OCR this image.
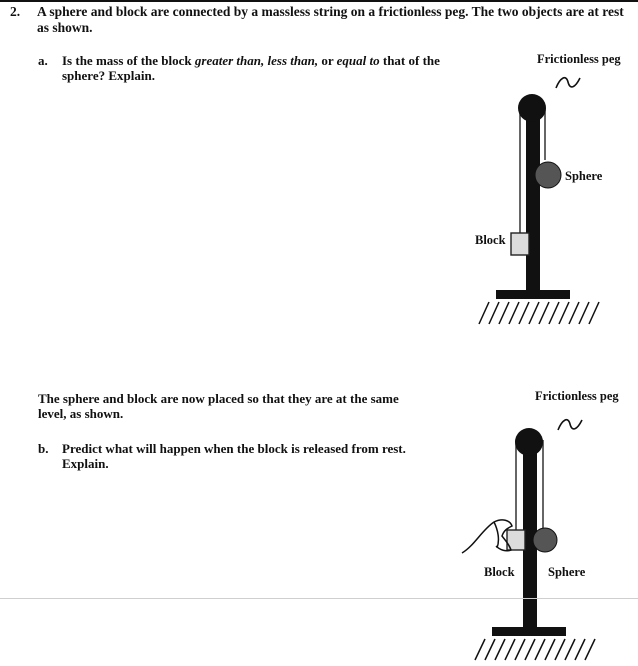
2. A sphere and block are connected by a massless string on a frictionless peg. The two objects are at rest as shown.
a. Is the mass of the block greater than, less than, or equal to that of the sphere? Explain.
Frictionless peg
Sphere
Block
The sphere and block are now placed so that they are at the same level, as shown.
b. Predict what will happen when the block is released from rest. Explain.
Frictionless peg
Block	Sphere
